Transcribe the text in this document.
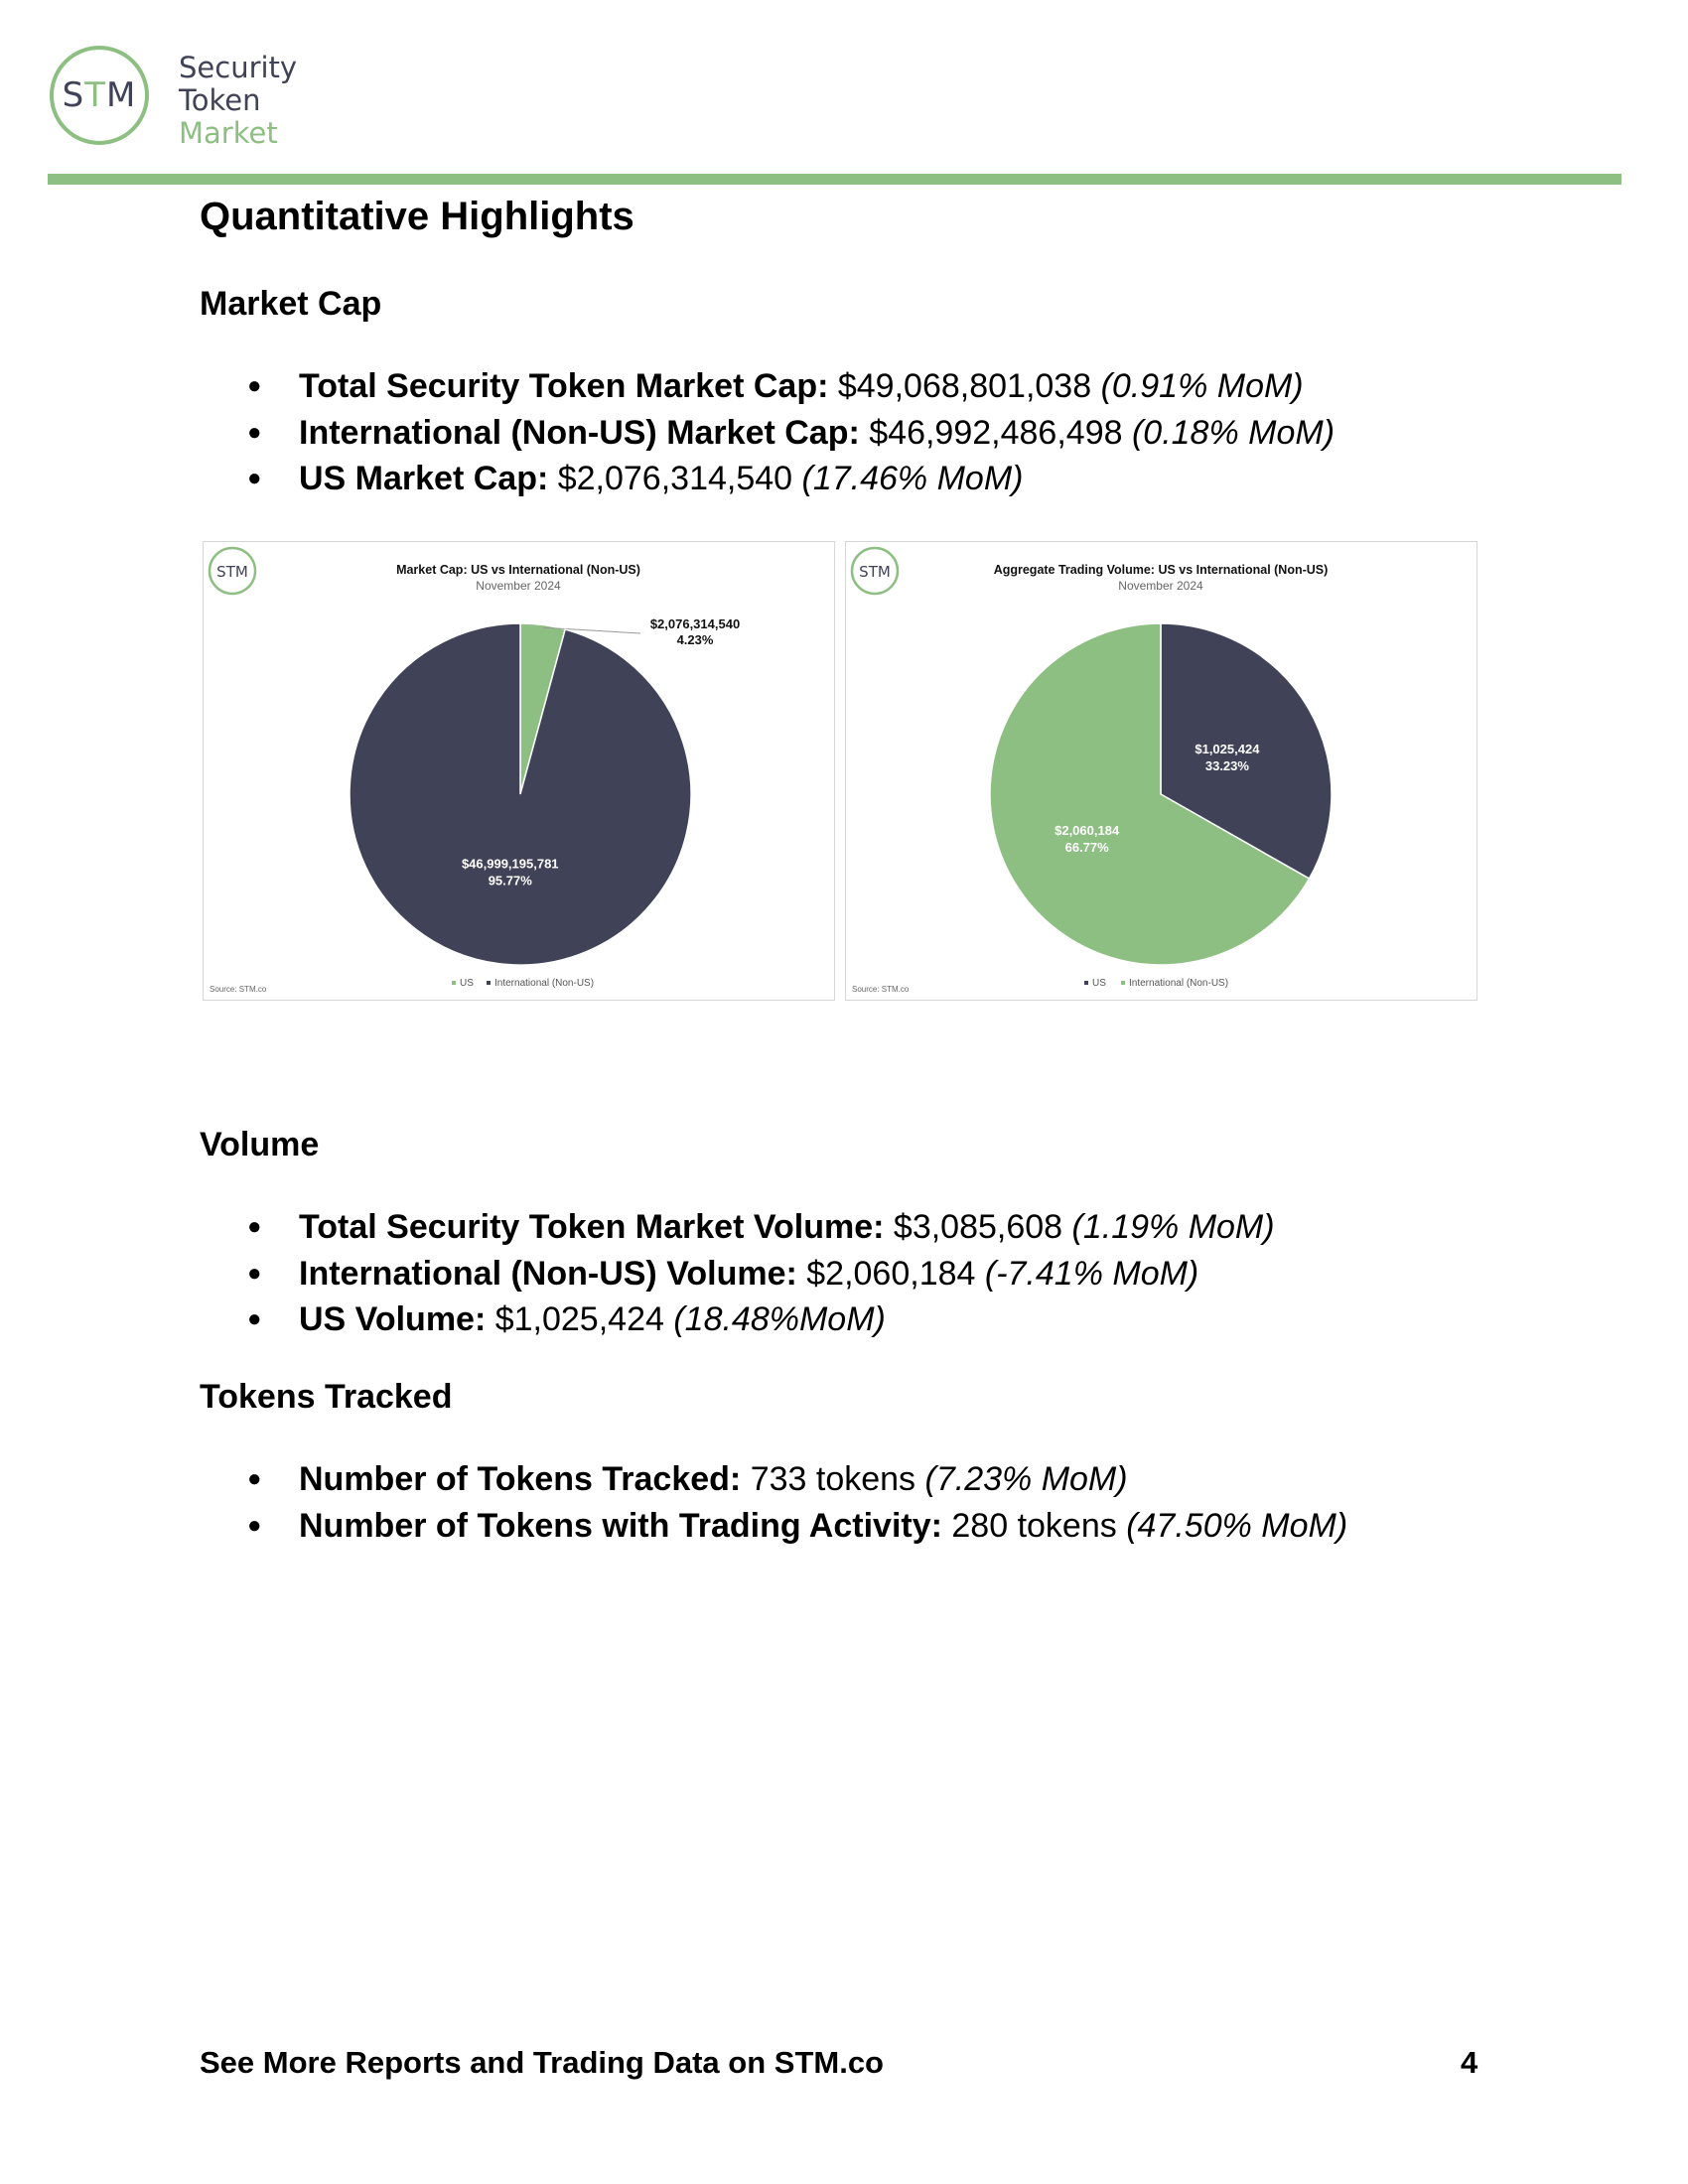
S T M
Security
Token
Market
Quantitative Highlights
Market Cap
● Total Security Token Market Cap: $49,068,801,038 (0.91% MoM)
● International (Non-US) Market Cap: $46,992,486,498 (0.18% MoM)
● US Market Cap: $2,076,314,540 (17.46% MoM)
STM	Market Cap: US vs International (Non-US)
November 2024
$2,076,314,540
4.23%
US
$46,999,195,781
95.77%
International (Non-US)
Source: STM.co
STM	Aggregate Trading Volume: US vs International (Non-US)
November 2024
$1,025,424
33.23%
US
$2,060,184
66.77%
International (Non-US)
Source: STM.co
Volume
● Total Security Token Market Volume: $3,085,608 (1.19% MoM)
● International (Non-US) Volume: $2,060,184 (-7.41% MoM)
● US Volume: $1,025,424 (18.48%MoM)
Tokens Tracked
● Number of Tokens Tracked: 733 tokens (7.23% MoM)
● Number of Tokens with Trading Activity: 280 tokens (47.50% MoM)
See More Reports and Trading Data on STM.co	4
